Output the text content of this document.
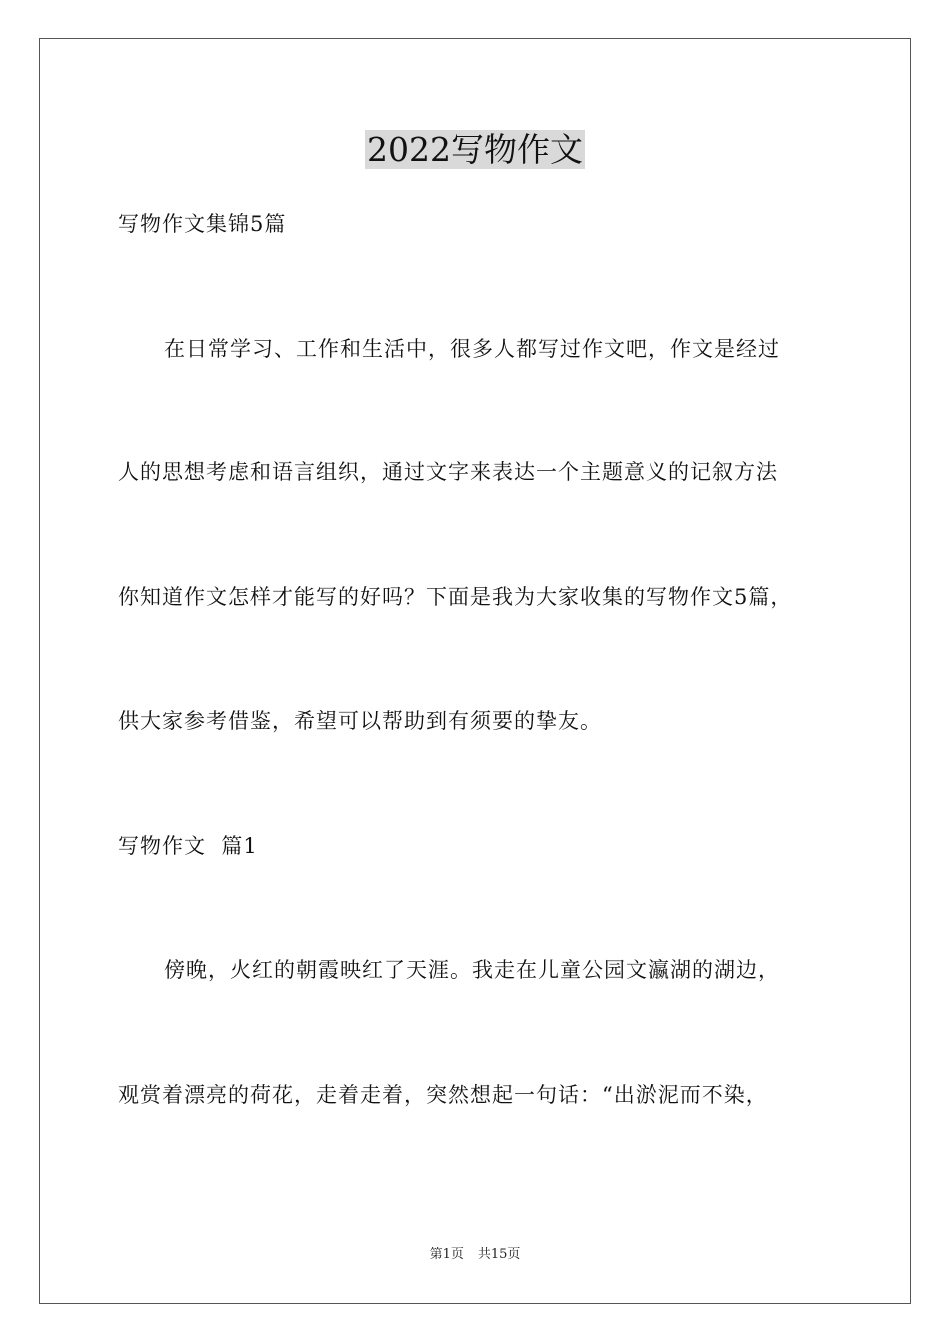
2022写物作文
写物作文集锦5篇
在日常学习、工作和生活中，很多人都写过作文吧，作文是经过
人的思想考虑和语言组织，通过文字来表达一个主题意义的记叙方法
你知道作文怎样才能写的好吗？下面是我为大家收集的写物作文5篇，
供大家参考借鉴，希望可以帮助到有须要的挚友。
写物作文  篇1
傍晚，火红的朝霞映红了天涯。我走在儿童公园文瀛湖的湖边，
观赏着漂亮的荷花，走着走着，突然想起一句话：“出淤泥而不染，
第1页 共15页
